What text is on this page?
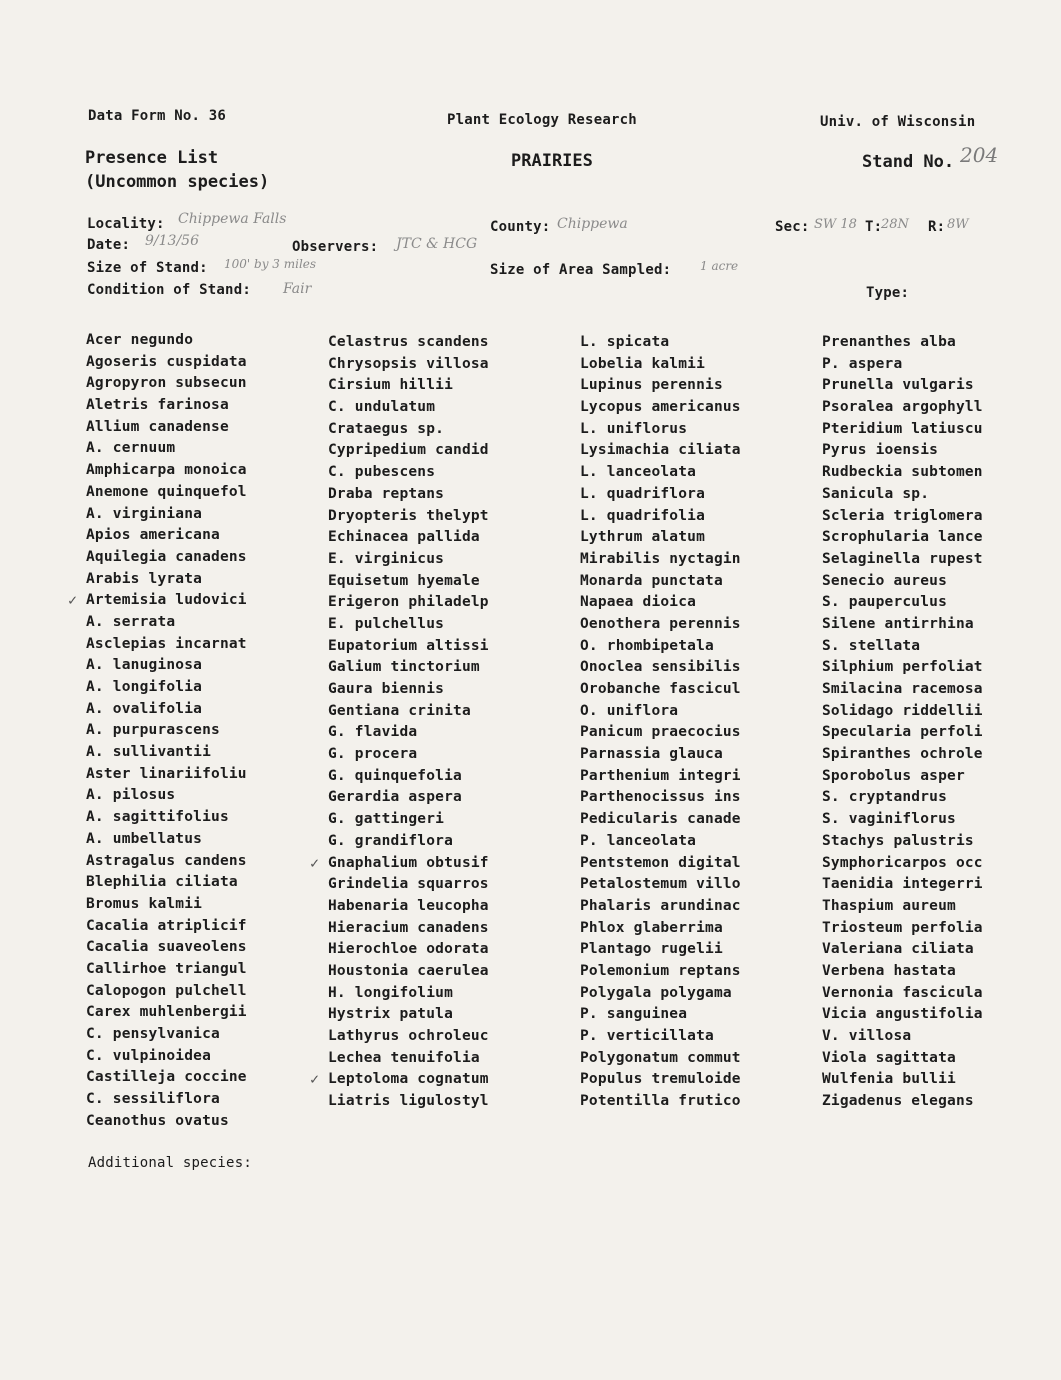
Data Form No. 36	Plant Ecology Research	Univ. of Wisconsin
Presence List
(Uncommon species)
PRAIRIES	Stand No. 204
Locality: Chippewa Falls	County: Chippewa	Sec: SW 18 T:
28N R: 8W
Date: 9/13/56	Observers: JTC & HCG
Size of Stand: 100' by 3 miles	Size of Area Sampled: 1 acre
Condition of Stand: Fair	Type:
Acer negundo
Agoseris cuspidata
Agropyron subsecun
Aletris farinosa
Allium canadense
A. cernuum
Amphicarpa monoica
Anemone quinquefol
A. virginiana
Apios americana
Aquilegia canadens
Arabis lyrata
✓ Artemisia ludovici
A. serrata
Asclepias incarnat
A. lanuginosa
A. longifolia
A. ovalifolia
A. purpurascens
A. sullivantii
Aster linariifoliu
A. pilosus
A. sagittifolius
A. umbellatus
Astragalus candens
Blephilia ciliata
Bromus kalmii
Cacalia atriplicif
Cacalia suaveolens
Callirhoe triangul
Calopogon pulchell
Carex muhlenbergii
C. pensylvanica
C. vulpinoidea
Castilleja coccine
C. sessiliflora
Ceanothus ovatus
Celastrus scandens
Chrysopsis villosa
Cirsium hillii
C. undulatum
Crataegus sp.
Cypripedium candid
C. pubescens
Draba reptans
Dryopteris thelypt
Echinacea pallida
E. virginicus
Equisetum hyemale
Erigeron philadelp
E. pulchellus
Eupatorium altissi
Galium tinctorium
Gaura biennis
Gentiana crinita
G. flavida
G. procera
G. quinquefolia
Gerardia aspera
G. gattingeri
G. grandiflora
✓ Gnaphalium obtusif
Grindelia squarros
Habenaria leucopha
Hieracium canadens
Hierochloe odorata
Houstonia caerulea
H. longifolium
Hystrix patula
Lathyrus ochroleuc
Lechea tenuifolia
✓ Leptoloma cognatum
Liatris ligulostyl
L. spicata
Lobelia kalmii
Lupinus perennis
Lycopus americanus
L. uniflorus
Lysimachia ciliata
L. lanceolata
L. quadriflora
L. quadrifolia
Lythrum alatum
Mirabilis nyctagin
Monarda punctata
Napaea dioica
Oenothera perennis
O. rhombipetala
Onoclea sensibilis
Orobanche fascicul
O. uniflora
Panicum praecocius
Parnassia glauca
Parthenium integri
Parthenocissus ins
Pedicularis canade
P. lanceolata
Pentstemon digital
Petalostemum villo
Phalaris arundinac
Phlox glaberrima
Plantago rugelii
Polemonium reptans
Polygala polygama
P. sanguinea
P. verticillata
Polygonatum commut
Populus tremuloide
Potentilla frutico
Prenanthes alba
P. aspera
Prunella vulgaris
Psoralea argophyll
Pteridium latiuscu
Pyrus ioensis
Rudbeckia subtomen
Sanicula sp.
Scleria triglomera
Scrophularia lance
Selaginella rupest
Senecio aureus
S. pauperculus
Silene antirrhina
S. stellata
Silphium perfoliat
Smilacina racemosa
Solidago riddellii
Specularia perfoli
Spiranthes ochrole
Sporobolus asper
S. cryptandrus
S. vaginiflorus
Stachys palustris
Symphoricarpos occ
Taenidia integerri
Thaspium aureum
Triosteum perfolia
Valeriana ciliata
Verbena hastata
Vernonia fascicula
Vicia angustifolia
V. villosa
Viola sagittata
Wulfenia bullii
Zigadenus elegans
Additional species:
